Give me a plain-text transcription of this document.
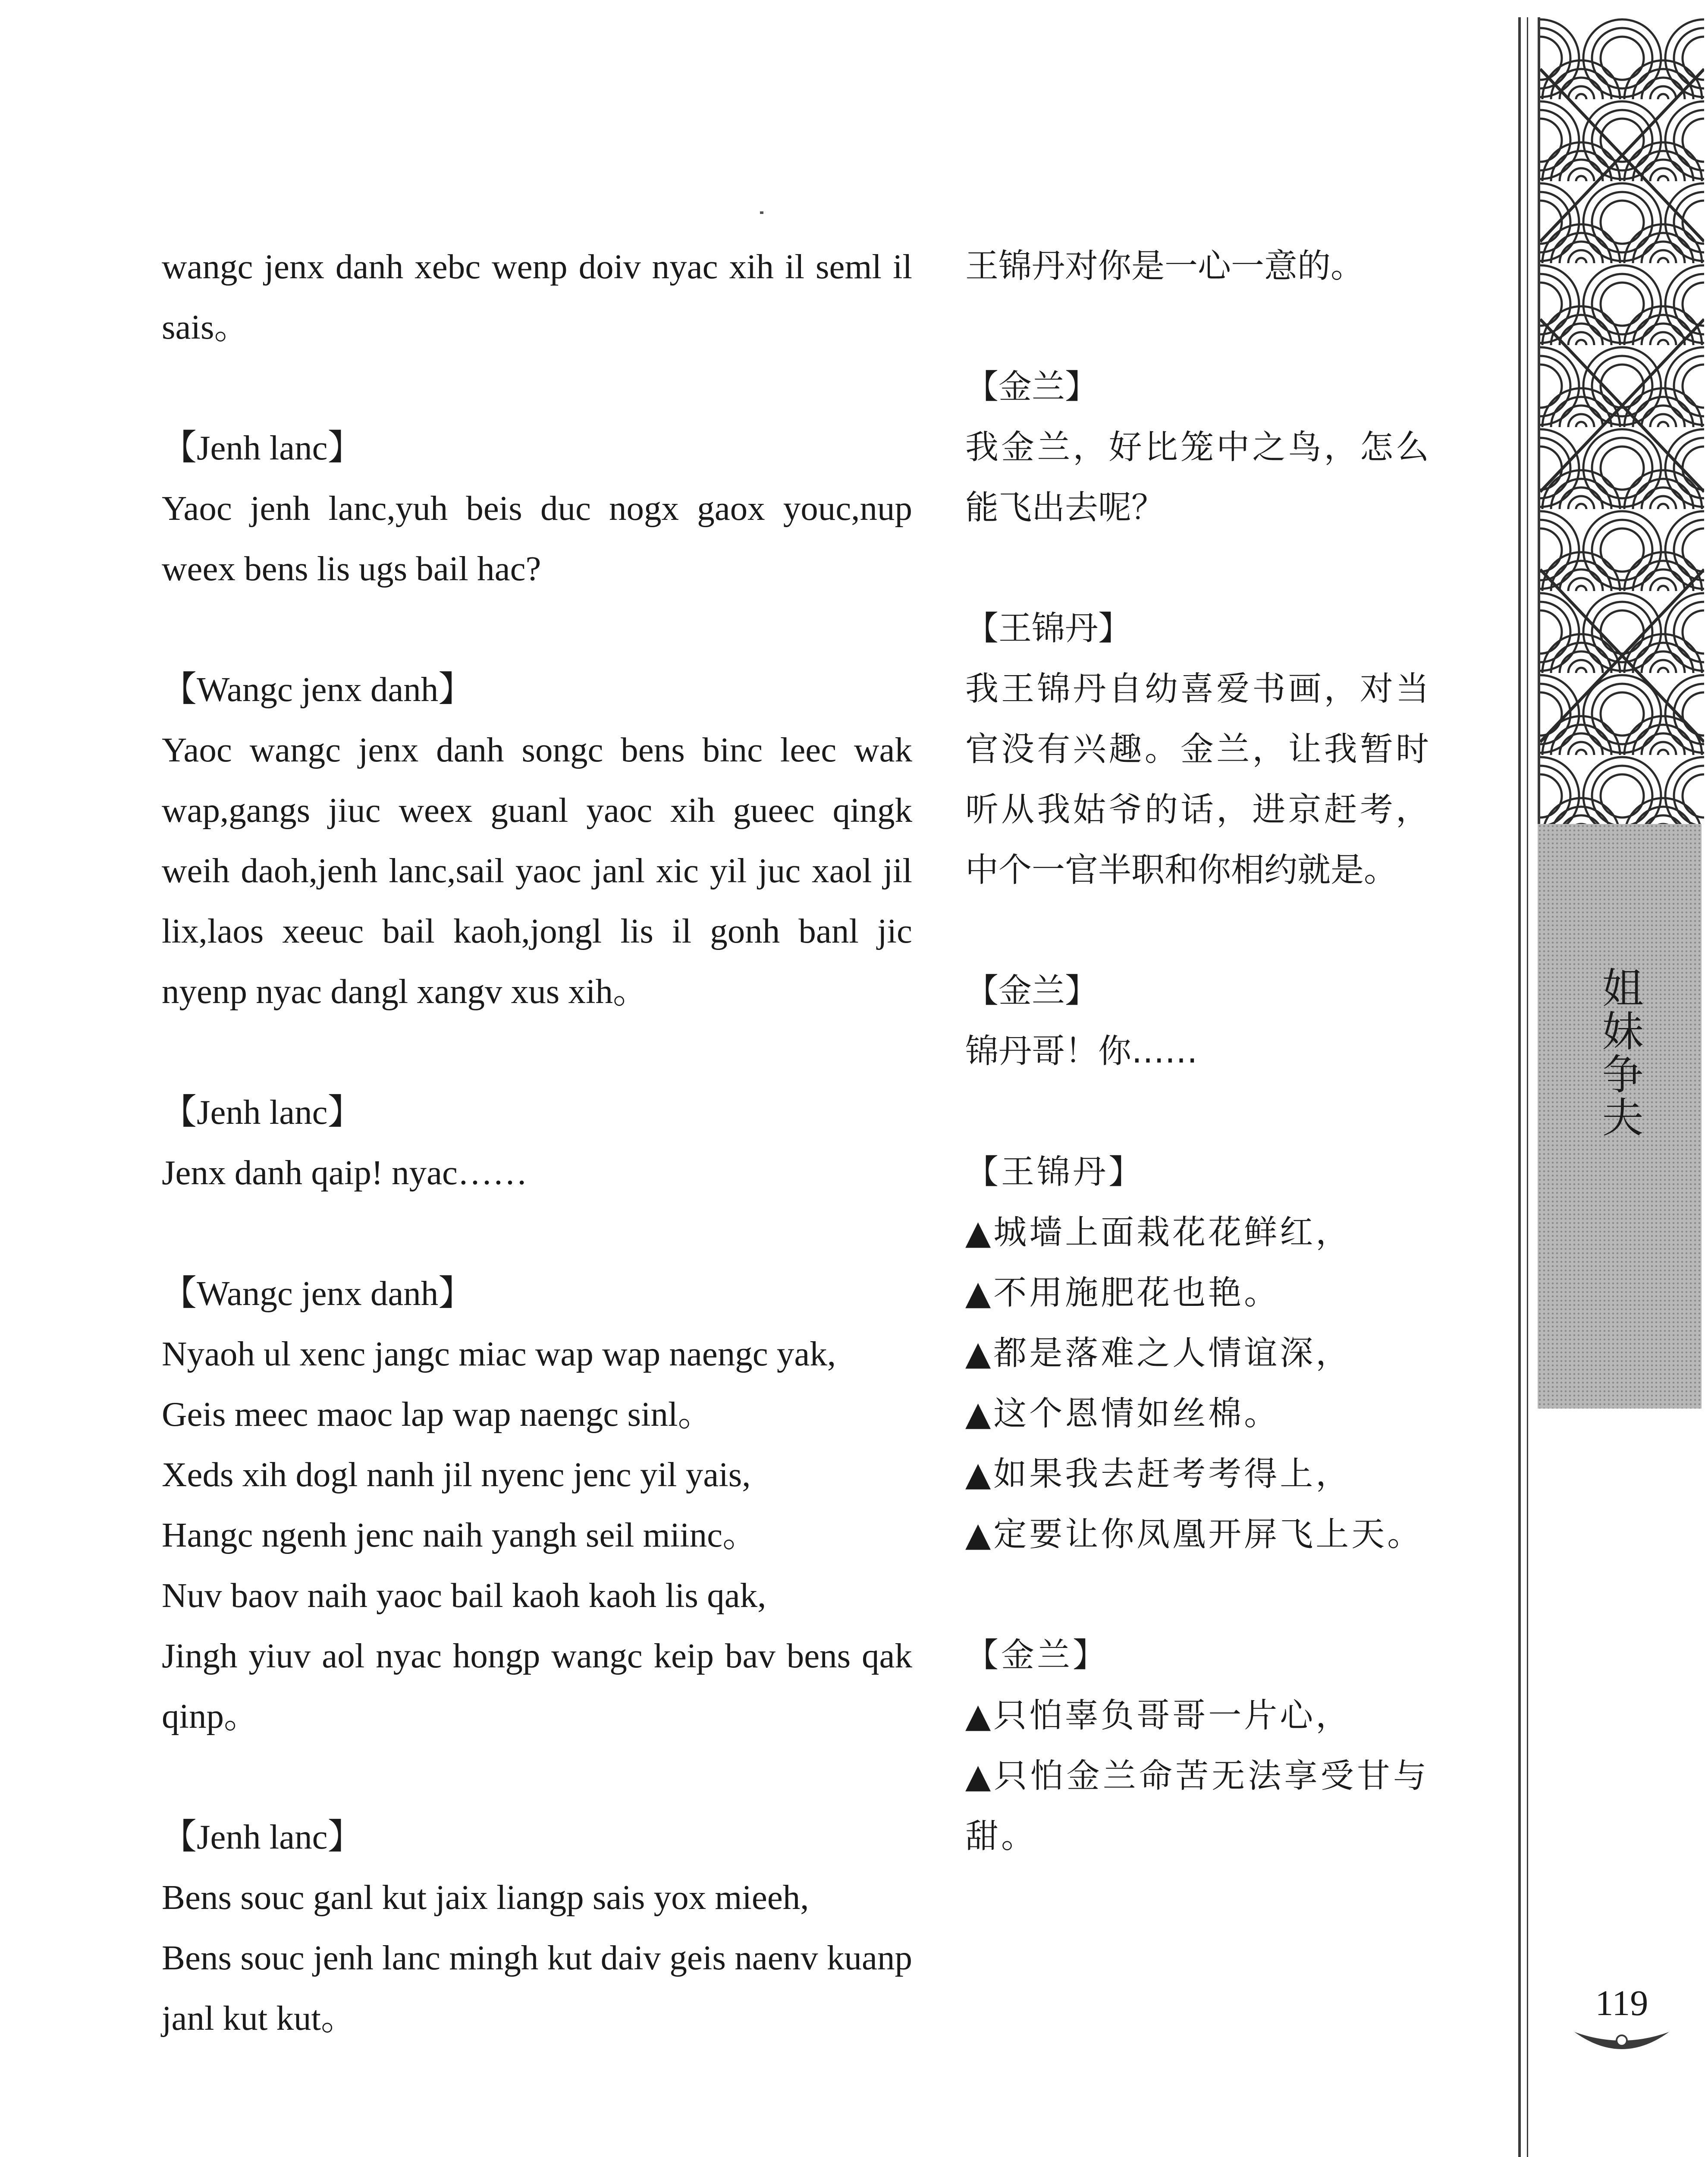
wangc jenx danh xebc wenp doiv nyac xih il seml il sais。
【Jenh lanc】
Yaoc jenh lanc,yuh beis duc nogx gaox youc,nup weex bens lis ugs bail hac?
【Wangc jenx danh】
Yaoc wangc jenx danh songc bens binc leec wak wap,gangs jiuc weex guanl yaoc xih gueec qingk weih daoh,jenh lanc,sail yaoc janl xic yil juc xaol jil lix,laos xeeuc bail kaoh,jongl lis il gonh banl jic nyenp nyac dangl xangv xus xih。
【Jenh lanc】
Jenx danh qaip! nyac……
【Wangc jenx danh】
Nyaoh ul xenc jangc miac wap wap naengc yak,
Geis meec maoc lap wap naengc sinl。
Xeds xih dogl nanh jil nyenc jenc yil yais,
Hangc ngenh jenc naih yangh seil miinc。
Nuv baov naih yaoc bail kaoh kaoh lis qak,
Jingh yiuv aol nyac hongp wangc keip bav bens qak qinp。
【Jenh lanc】
Bens souc ganl kut jaix liangp sais yox mieeh,
Bens souc jenh lanc mingh kut daiv geis naenv kuanp janl kut kut。
王锦丹对你是一心一意的。
【金兰】
我金兰，好比笼中之鸟，怎么能飞出去呢？
【王锦丹】
我王锦丹自幼喜爱书画，对当官没有兴趣。金兰，让我暂时听从我姑爷的话，进京赶考，中个一官半职和你相约就是。
【金兰】
锦丹哥！你……
【王锦丹】
▲城墙上面栽花花鲜红，
▲不用施肥花也艳。
▲都是落难之人情谊深，
▲这个恩情如丝棉。
▲如果我去赶考考得上，
▲定要让你凤凰开屏飞上天。
【金兰】
▲只怕辜负哥哥一片心，
▲只怕金兰命苦无法享受甘与甜。
姐妹争夫
119
